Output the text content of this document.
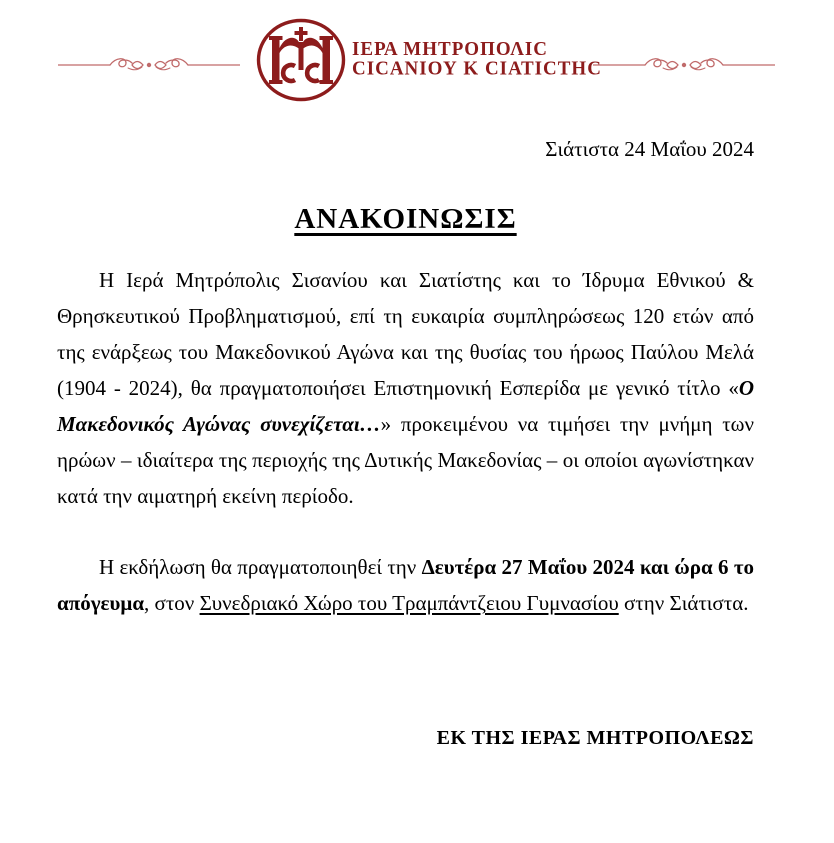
ΙΕΡΑ ΜΗΤΡΟΠΟΛΙC
CΙCΑΝΙΟΥ Κ CΙΑΤΙCΤΗC
Σιάτιστα 24 Μαΐου 2024
ΑΝΑΚΟΙΝΩΣΙΣ

Η Ιερά Μητρόπολις Σισανίου και Σιατίστης και το Ίδρυμα Εθνικού & Θρησκευτικού Προβληματισμού, επί τη ευκαιρία συμπληρώσεως 120 ετών από της ενάρξεως του Μακεδονικού Αγώνα και της θυσίας του ήρωος Παύλου Μελά (1904 - 2024), θα πραγματοποιήσει Επιστημονική Εσπερίδα με γενικό τίτλο «Ο Μακεδονικός Αγώνας συνεχίζεται…» προκειμένου να τιμήσει την μνήμη των ηρώων – ιδιαίτερα της περιοχής της Δυτικής Μακεδονίας – οι οποίοι αγωνίστηκαν κατά την αιματηρή εκείνη περίοδο.

Η εκδήλωση θα πραγματοποιηθεί την Δευτέρα 27 Μαΐου 2024 και ώρα 6 το απόγευμα, στον Συνεδριακό Χώρο του Τραμπάντζειου Γυμνασίου στην Σιάτιστα.

ΕΚ ΤΗΣ ΙΕΡΑΣ ΜΗΤΡΟΠΟΛΕΩΣ
